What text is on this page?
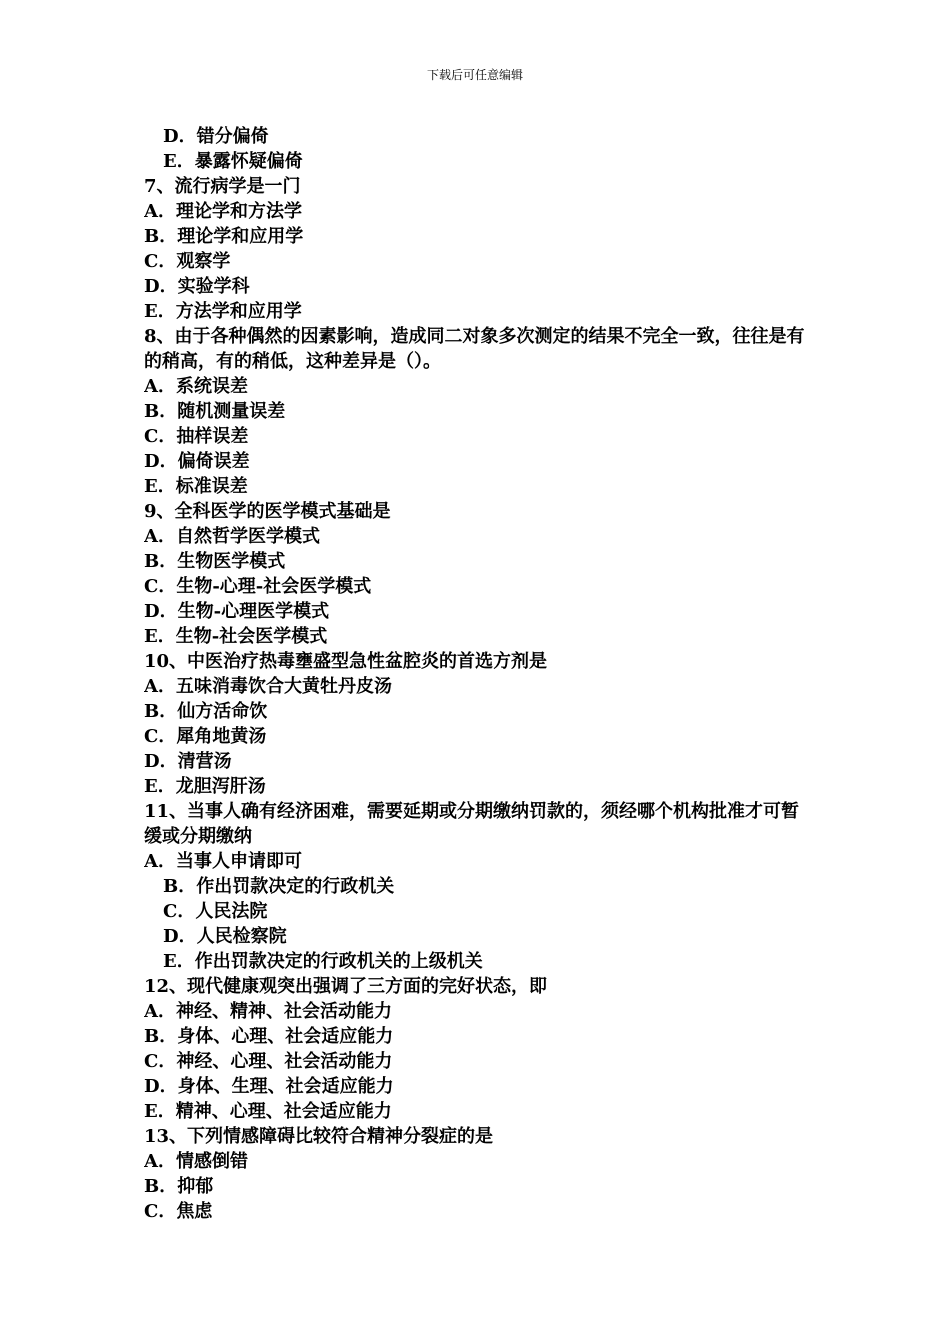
下载后可任意编辑
D．错分偏倚
E．暴露怀疑偏倚
7、流行病学是一门
A．理论学和方法学
B．理论学和应用学
C．观察学
D．实验学科
E．方法学和应用学
8、由于各种偶然的因素影响，造成同二对象多次测定的结果不完全一致，往往是有的稍高，有的稍低，这种差异是（）。
A．系统误差
B．随机测量误差
C．抽样误差
D．偏倚误差
E．标准误差
9、全科医学的医学模式基础是
A．自然哲学医学模式
B．生物医学模式
C．生物-心理-社会医学模式
D．生物-心理医学模式
E．生物-社会医学模式
10、中医治疗热毒壅盛型急性盆腔炎的首选方剂是
A．五味消毒饮合大黄牡丹皮汤
B．仙方活命饮
C．犀角地黄汤
D．清营汤
E．龙胆泻肝汤
11、当事人确有经济困难，需要延期或分期缴纳罚款的，须经哪个机构批准才可暂缓或分期缴纳
A．当事人申请即可
B．作出罚款决定的行政机关
C．人民法院
D．人民检察院
E．作出罚款决定的行政机关的上级机关
12、现代健康观突出强调了三方面的完好状态，即
A．神经、精神、社会活动能力
B．身体、心理、社会适应能力
C．神经、心理、社会活动能力
D．身体、生理、社会适应能力
E．精神、心理、社会适应能力
13、下列情感障碍比较符合精神分裂症的是
A．情感倒错
B．抑郁
C．焦虑
